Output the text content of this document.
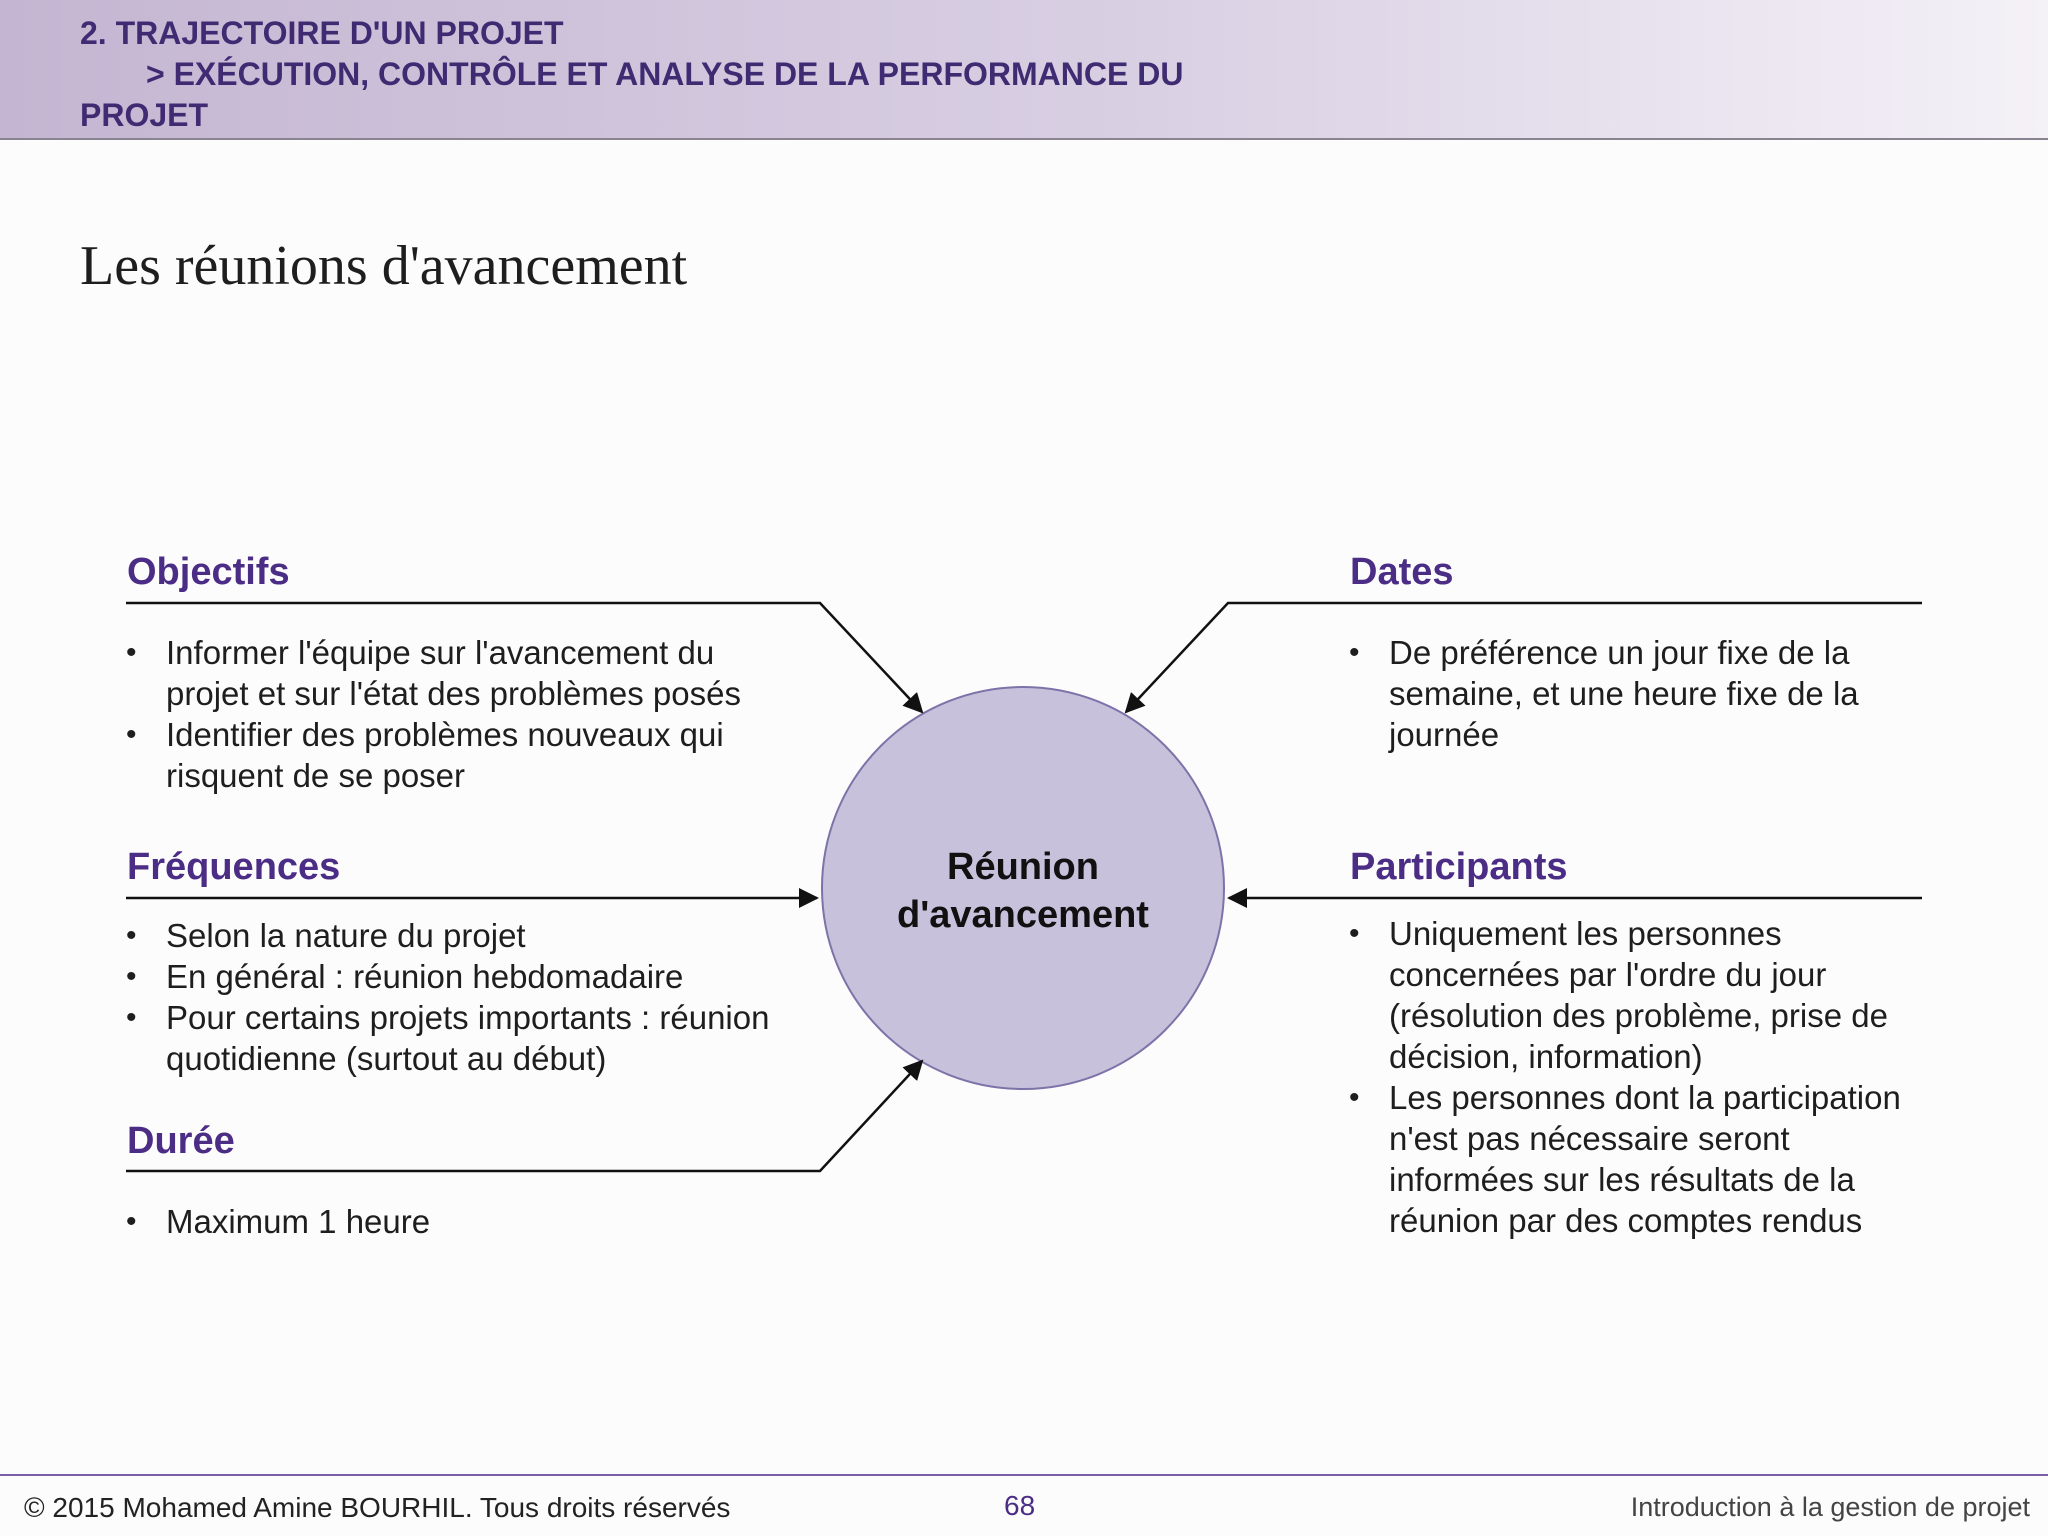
2. TRAJECTOIRE D'UN PROJET
> EXÉCUTION, CONTRÔLE ET ANALYSE DE LA PERFORMANCE DU
PROJET
Les réunions d'avancement
Réunion
d'avancement
Objectifs
• Informer l'équipe sur l'avancement du projet et sur l'état des problèmes posés
• Identifier des problèmes nouveaux qui risquent de se poser
Fréquences
• Selon la nature du projet
• En général : réunion hebdomadaire
• Pour certains projets importants : réunion quotidienne (surtout au début)
Durée
• Maximum 1 heure
Dates
• De préférence un jour fixe de la semaine, et une heure fixe de la journée
Participants
• Uniquement les personnes concernées par l'ordre du jour (résolution des problème, prise de décision, information)
• Les personnes dont la participation n'est pas nécessaire seront informées sur les résultats de la réunion par des comptes rendus
© 2015 Mohamed Amine BOURHIL. Tous droits réservés	68	Introduction à la gestion de projet
